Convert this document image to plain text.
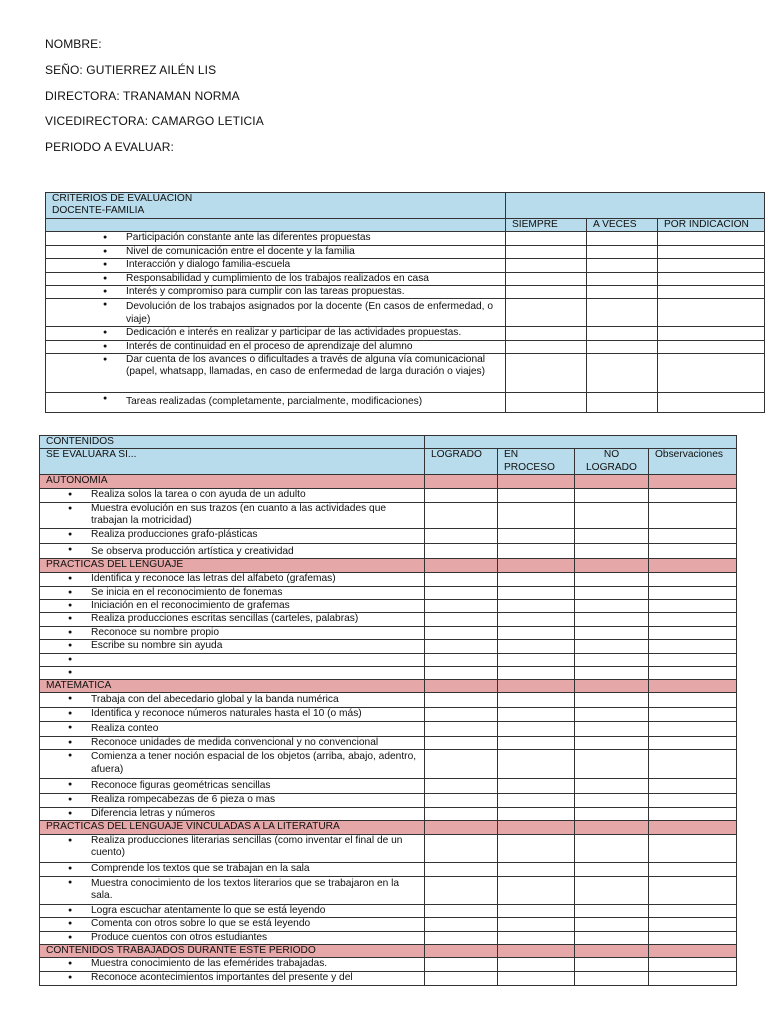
NOMBRE:
SEÑO: GUTIERREZ AILÉN LIS
DIRECTORA: TRANAMAN NORMA
VICEDIRECTORA: CAMARGO LETICIA
PERIODO A EVALUAR:
CRITERIOS DE EVALUACION
DOCENTE-FAMILIA			

	SIEMPRE	A VECES	POR INDICACION
● Participación constante ante las diferentes propuestas			
● Nivel de comunicación entre el docente y la familia			
● Interacción y dialogo familia-escuela			
● Responsabilidad y cumplimiento de los trabajos realizados en casa			
● Interés y compromiso para cumplir con las tareas propuestas.			
● Devolución de los trabajos asignados por la docente (En casos de enfermedad, o viaje)			
● Dedicación e interés en realizar y participar de las actividades propuestas.			
● Interés de continuidad en el proceso de aprendizaje del alumno			
● Dar cuenta de los avances o dificultades a través de alguna vía comunicacional (papel, whatsapp, llamadas, en caso de enfermedad de larga duración o viajes)			
● Tareas realizadas (completamente, parcialmente, modificaciones)			
CONTENIDOS				
SE EVALUARA SI...	LOGRADO	EN PROCESO	NO LOGRADO	Observaciones
AUTONOMÍA				
● Realiza solos la tarea o con ayuda de un adulto				
● Muestra evolución en sus trazos (en cuanto a las actividades que trabajan la motricidad)				
● Realiza producciones grafo-plásticas				
● Se observa producción artística y creatividad				
PRACTICAS DEL LENGUAJE				
● Identifica y reconoce las letras del alfabeto (grafemas)				
● Se inicia en el reconocimiento de fonemas				
● Iniciación en el reconocimiento de grafemas				
● Realiza producciones escritas sencillas (carteles, palabras)				
● Reconoce su nombre propio				
● Escribe su nombre sin ayuda				
●				
●				
MATEMATICA				
● Trabaja con del abecedario global y la banda numérica				
● Identifica y reconoce números naturales hasta el 10 (o más)				
● Realiza conteo				
● Reconoce unidades de medida convencional y no convencional				
● Comienza a tener noción espacial de los objetos (arriba, abajo, adentro, afuera)				
● Reconoce figuras geométricas sencillas				
● Realiza rompecabezas de 6 pieza o mas				
● Diferencia letras y números				
PRACTICAS DEL LENGUAJE VINCULADAS A LA LITERATURA				
● Realiza producciones literarias sencillas (como inventar el final de un cuento)				
● Comprende los textos que se trabajan en la sala				
● Muestra conocimiento de los textos literarios que se trabajaron en la sala.				
● Logra escuchar atentamente lo que se está leyendo				
● Comenta con otros sobre lo que se está leyendo				
● Produce cuentos con otros estudiantes				
CONTENIDOS TRABAJADOS DURANTE ESTE PERIODO				
● Muestra conocimiento de las efemérides trabajadas.				
● Reconoce acontecimientos importantes del presente y del				
